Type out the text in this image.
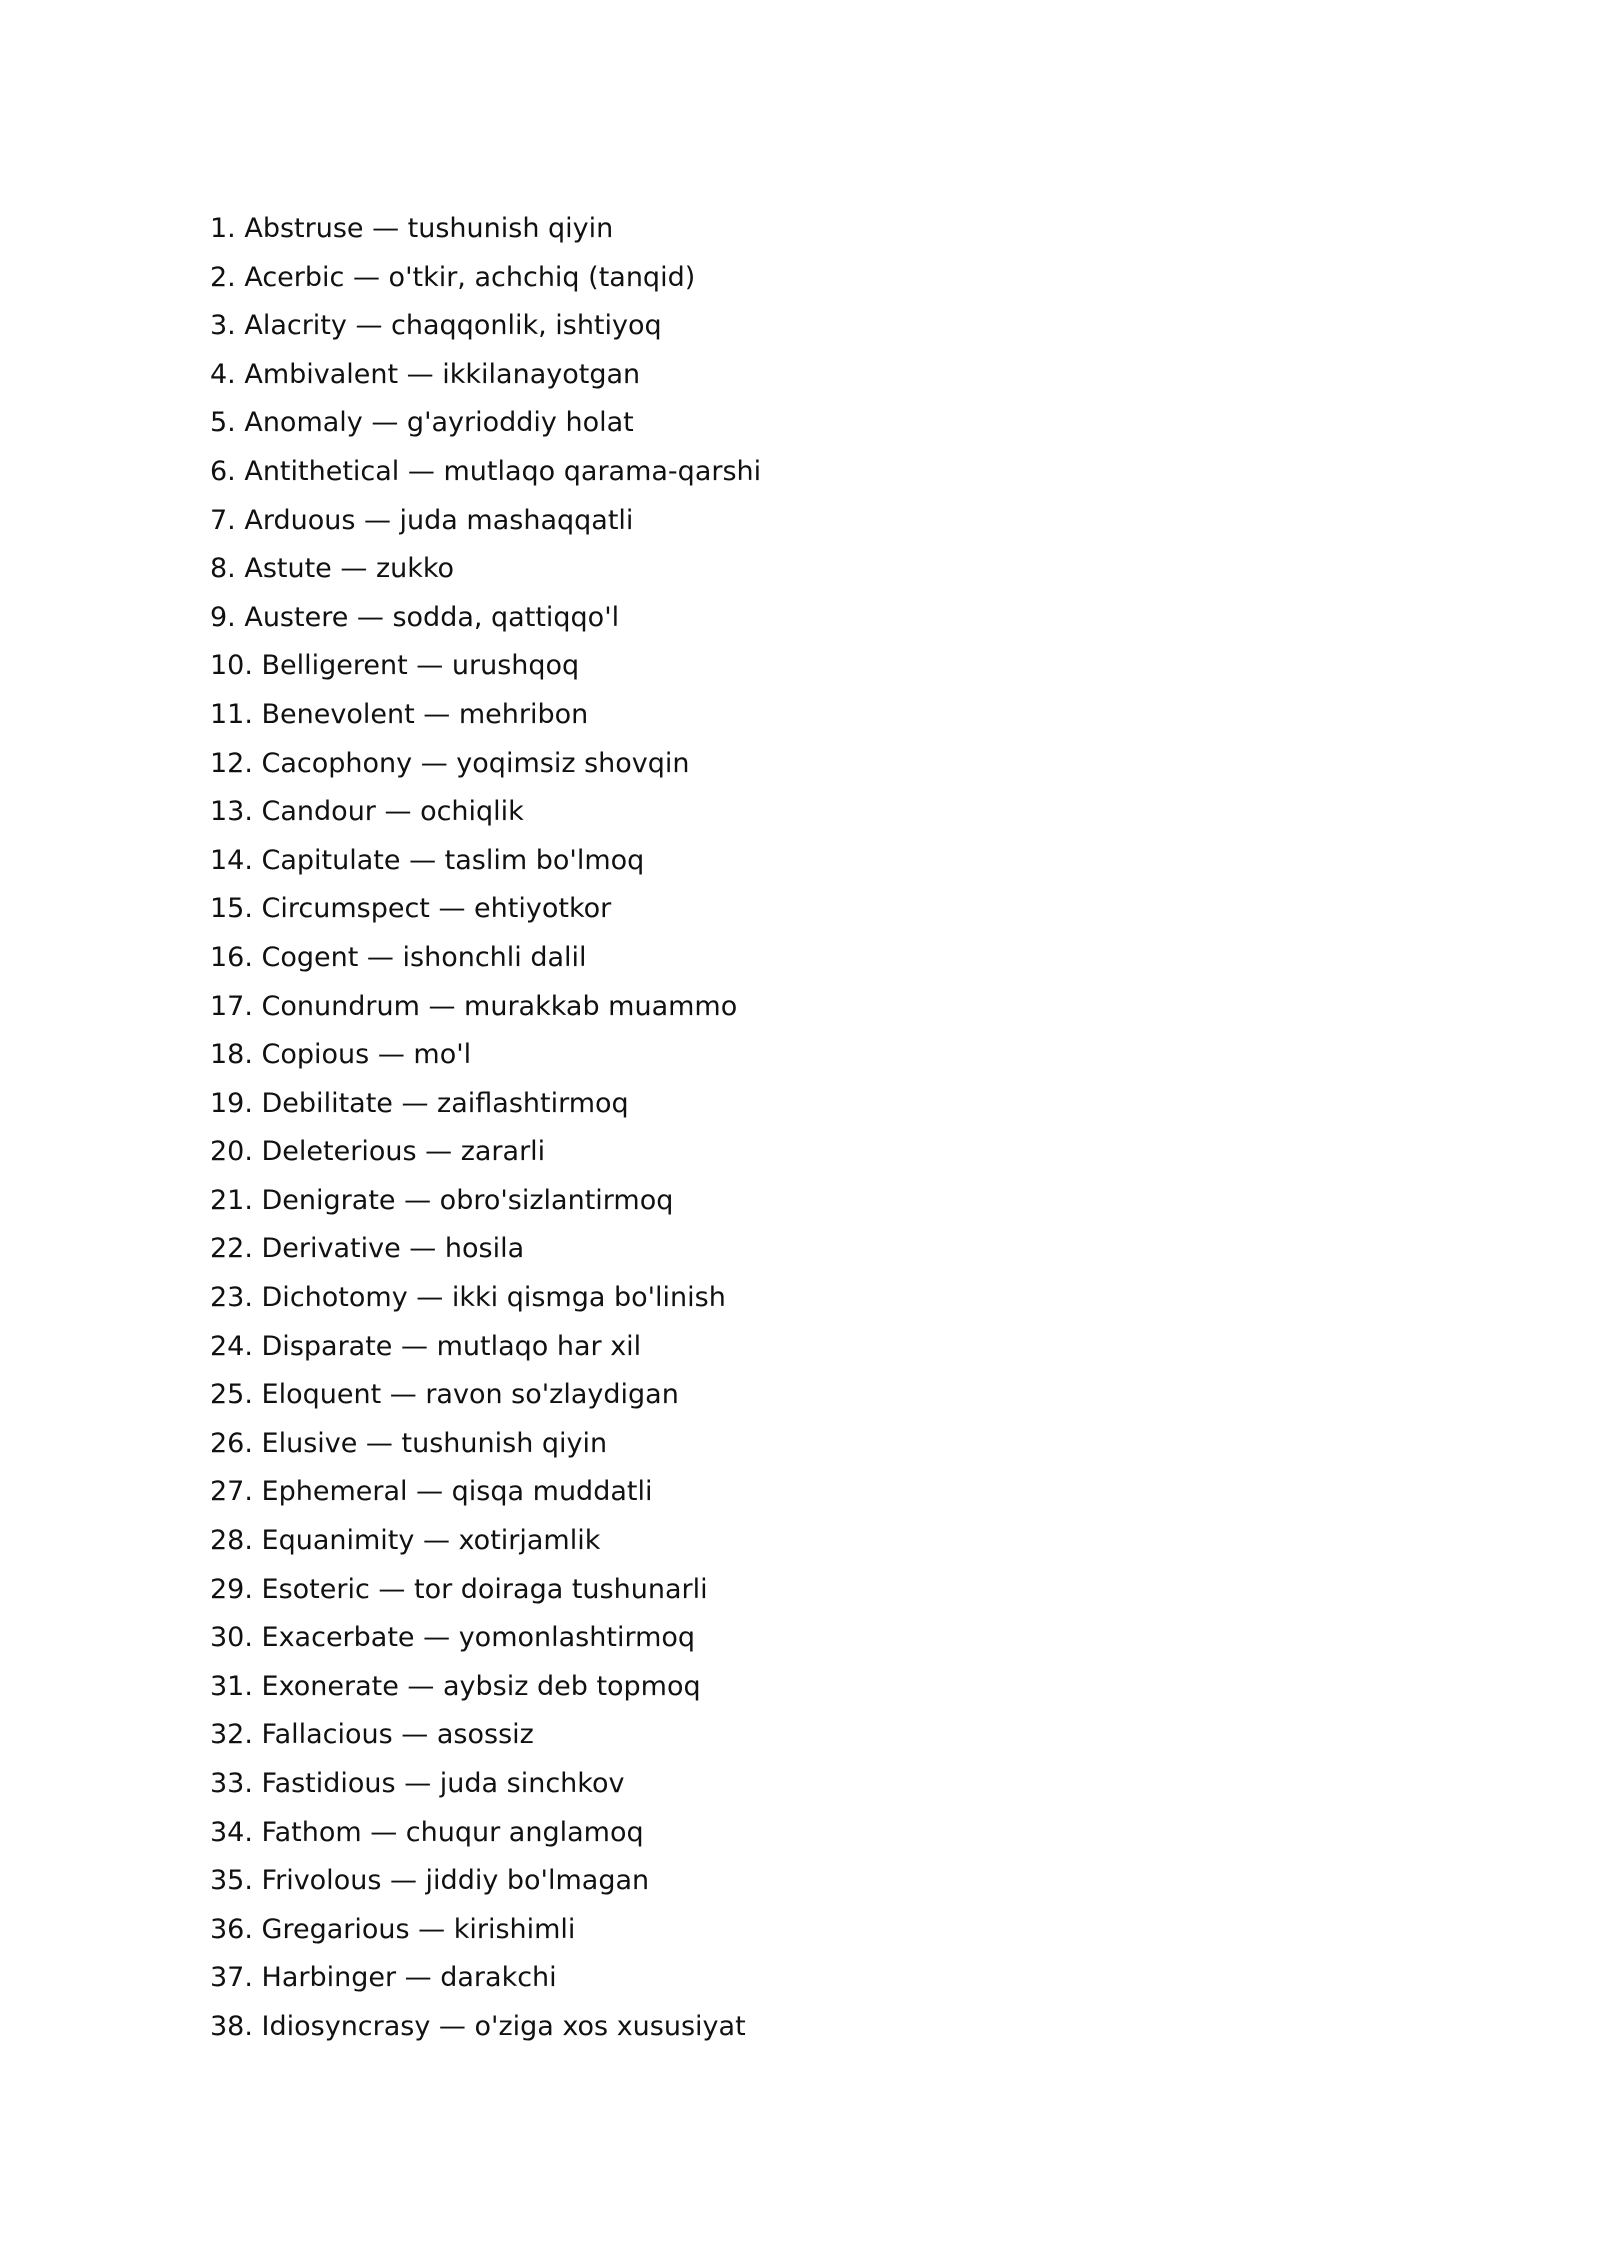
1. Abstruse — tushunish qiyin
2. Acerbic — o'tkir, achchiq (tanqid)
3. Alacrity — chaqqonlik, ishtiyoq
4. Ambivalent — ikkilanayotgan
5. Anomaly — g'ayrioddiy holat
6. Antithetical — mutlaqo qarama-qarshi
7. Arduous — juda mashaqqatli
8. Astute — zukko
9. Austere — sodda, qattiqqo'l
10. Belligerent — urushqoq
11. Benevolent — mehribon
12. Cacophony — yoqimsiz shovqin
13. Candour — ochiqlik
14. Capitulate — taslim bo'lmoq
15. Circumspect — ehtiyotkor
16. Cogent — ishonchli dalil
17. Conundrum — murakkab muammo
18. Copious — mo'l
19. Debilitate — zaiflashtirmoq
20. Deleterious — zararli
21. Denigrate — obro'sizlantirmoq
22. Derivative — hosila
23. Dichotomy — ikki qismga bo'linish
24. Disparate — mutlaqo har xil
25. Eloquent — ravon so'zlaydigan
26. Elusive — tushunish qiyin
27. Ephemeral — qisqa muddatli
28. Equanimity — xotirjamlik
29. Esoteric — tor doiraga tushunarli
30. Exacerbate — yomonlashtirmoq
31. Exonerate — aybsiz deb topmoq
32. Fallacious — asossiz
33. Fastidious — juda sinchkov
34. Fathom — chuqur anglamoq
35. Frivolous — jiddiy bo'lmagan
36. Gregarious — kirishimli
37. Harbinger — darakchi
38. Idiosyncrasy — o'ziga xos xususiyat
